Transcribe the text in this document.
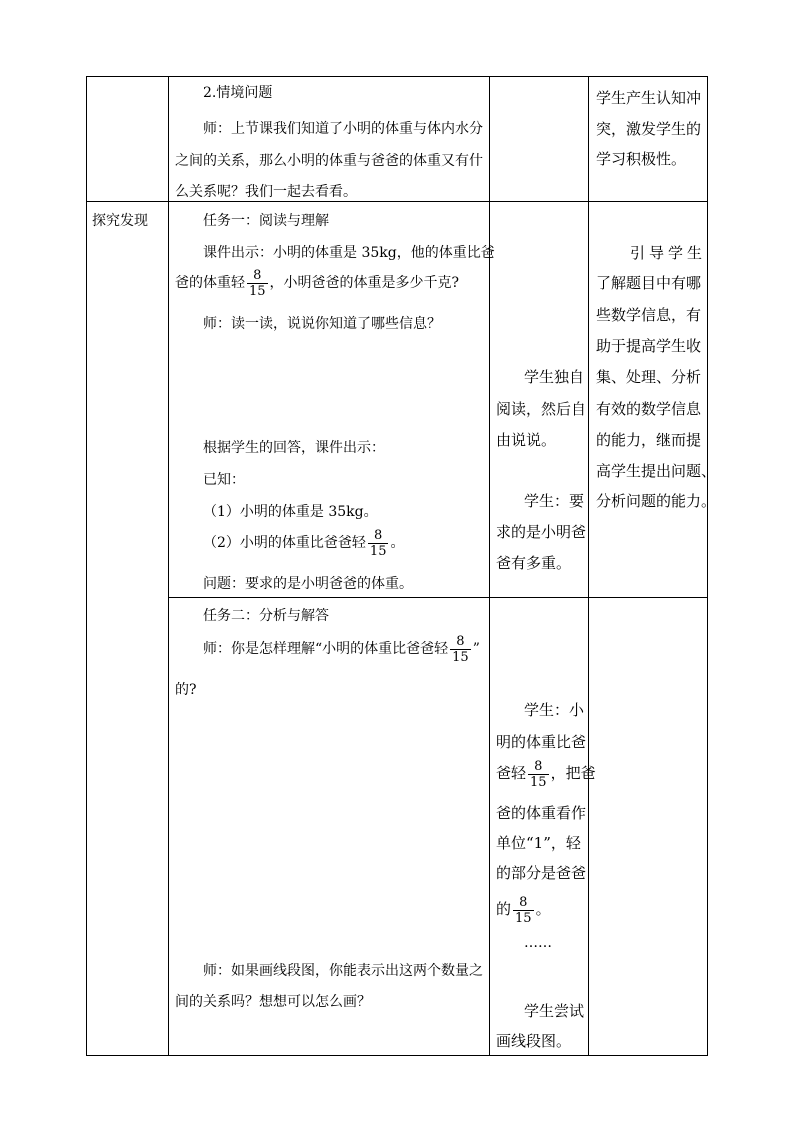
2.情境问题
师：上节课我们知道了小明的体重与体内水分
之间的关系，那么小明的体重与爸爸的体重又有什
么关系呢？我们一起去看看。
学生产生认知冲
突，激发学生的
学习积极性。
探究发现	任务一：阅读与理解
课件出示：小明的体重是 35kg，他的体重比爸
爸的体重轻 $\frac{8}{15}$ ，小明爸爸的体重是多少千克?
师：读一读，说说你知道了哪些信息？
根据学生的回答，课件出示：
已知：
（1）小明的体重是 35kg。
（2）小明的体重比爸爸轻 $\frac{8}{15}$ 。
问题：要求的是小明爸爸的体重。
学生独自
阅读，然后自
由说说。
学生：要
求的是小明爸
爸有多重。
引导学生
了解题目中有哪
些数学信息，有
助于提高学生收
集、处理、分析
有效的数学信息
的能力，继而提
高学生提出问题、
分析问题的能力。
任务二：分析与解答
师：你是怎样理解“小明的体重比爸爸轻 $\frac{8}{15}$ ”
的?
师：如果画线段图，你能表示出这两个数量之
间的关系吗？想想可以怎么画？
学生：小
明的体重比爸
爸轻 $\frac{8}{15}$ ，把爸
爸的体重看作
单位“1”，轻
的部分是爸爸
的 $\frac{8}{15}$ 。
……
学生尝试
画线段图。
